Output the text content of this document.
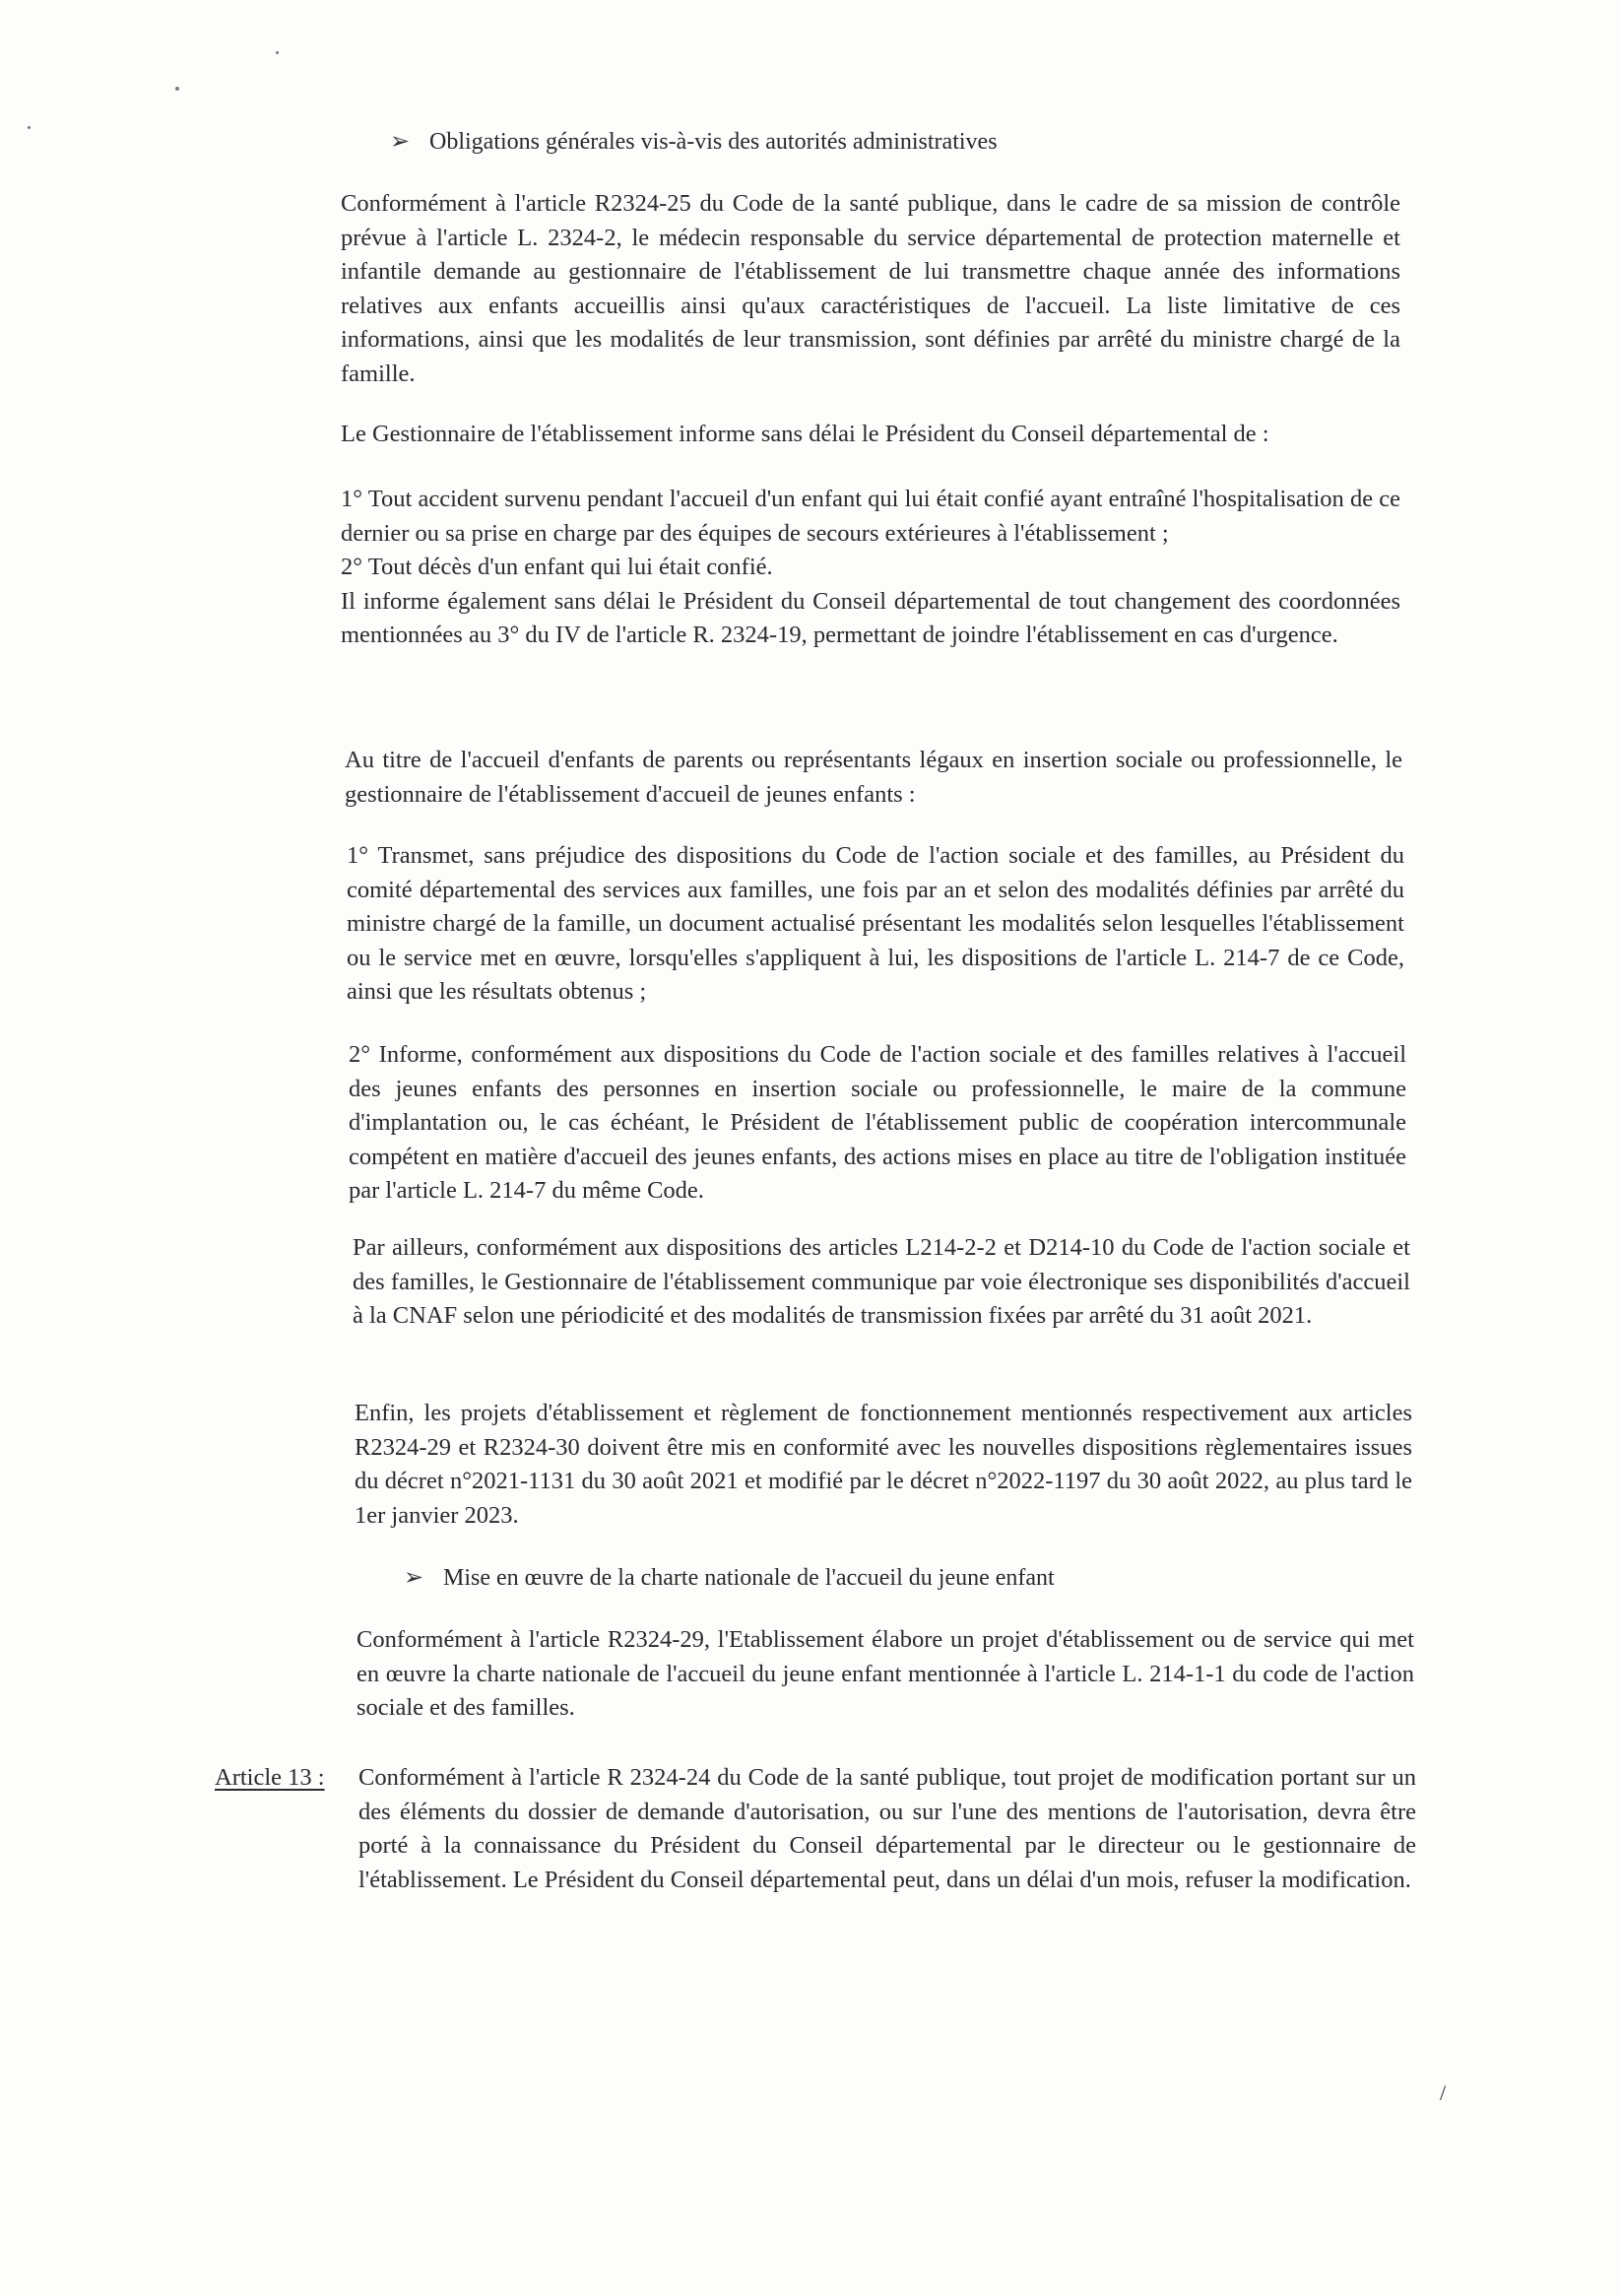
➢ Obligations générales vis-à-vis des autorités administratives

Conformément à l'article R2324-25 du Code de la santé publique, dans le cadre de sa mission de contrôle prévue à l'article L. 2324-2, le médecin responsable du service départemental de protection maternelle et infantile demande au gestionnaire de l'établissement de lui transmettre chaque année des informations relatives aux enfants accueillis ainsi qu'aux caractéristiques de l'accueil. La liste limitative de ces informations, ainsi que les modalités de leur transmission, sont définies par arrêté du ministre chargé de la famille.

Le Gestionnaire de l'établissement informe sans délai le Président du Conseil départemental de :

1° Tout accident survenu pendant l'accueil d'un enfant qui lui était confié ayant entraîné l'hospitalisation de ce dernier ou sa prise en charge par des équipes de secours extérieures à l'établissement ;
2° Tout décès d'un enfant qui lui était confié.
Il informe également sans délai le Président du Conseil départemental de tout changement des coordonnées mentionnées au 3° du IV de l'article R. 2324-19, permettant de joindre l'établissement en cas d'urgence.

Au titre de l'accueil d'enfants de parents ou représentants légaux en insertion sociale ou professionnelle, le gestionnaire de l'établissement d'accueil de jeunes enfants :

1° Transmet, sans préjudice des dispositions du Code de l'action sociale et des familles, au Président du comité départemental des services aux familles, une fois par an et selon des modalités définies par arrêté du ministre chargé de la famille, un document actualisé présentant les modalités selon lesquelles l'établissement ou le service met en œuvre, lorsqu'elles s'appliquent à lui, les dispositions de l'article L. 214-7 de ce Code, ainsi que les résultats obtenus ;

2° Informe, conformément aux dispositions du Code de l'action sociale et des familles relatives à l'accueil des jeunes enfants des personnes en insertion sociale ou professionnelle, le maire de la commune d'implantation ou, le cas échéant, le Président de l'établissement public de coopération intercommunale compétent en matière d'accueil des jeunes enfants, des actions mises en place au titre de l'obligation instituée par l'article L. 214-7 du même Code.

Par ailleurs, conformément aux dispositions des articles L214-2-2 et D214-10 du Code de l'action sociale et des familles, le Gestionnaire de l'établissement communique par voie électronique ses disponibilités d'accueil à la CNAF selon une périodicité et des modalités de transmission fixées par arrêté du 31 août 2021.

Enfin, les projets d'établissement et règlement de fonctionnement mentionnés respectivement aux articles R2324-29 et R2324-30 doivent être mis en conformité avec les nouvelles dispositions règlementaires issues du décret n°2021-1131 du 30 août 2021 et modifié par le décret n°2022-1197 du 30 août 2022, au plus tard le 1er janvier 2023.

➢ Mise en œuvre de la charte nationale de l'accueil du jeune enfant

Conformément à l'article R2324-29, l'Etablissement élabore un projet d'établissement ou de service qui met en œuvre la charte nationale de l'accueil du jeune enfant mentionnée à l'article L. 214-1-1 du code de l'action sociale et des familles.

Article 13 : Conformément à l'article R 2324-24 du Code de la santé publique, tout projet de modification portant sur un des éléments du dossier de demande d'autorisation, ou sur l'une des mentions de l'autorisation, devra être porté à la connaissance du Président du Conseil départemental par le directeur ou le gestionnaire de l'établissement. Le Président du Conseil départemental peut, dans un délai d'un mois, refuser la modification.

/
